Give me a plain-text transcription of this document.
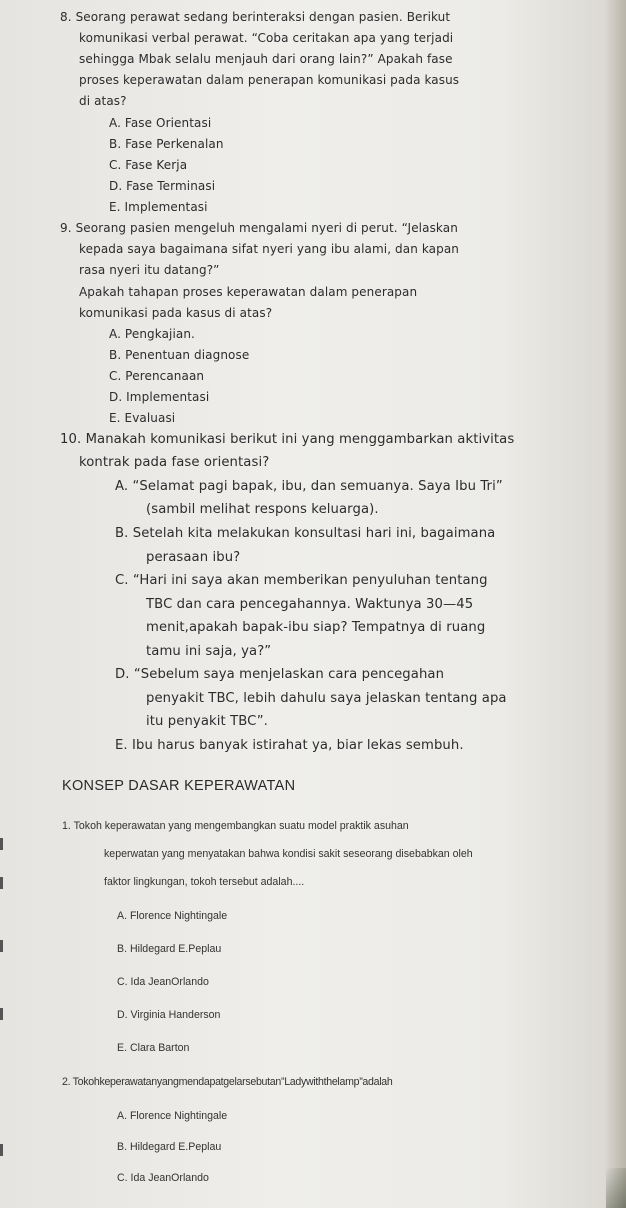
8. Seorang perawat sedang berinteraksi dengan pasien. Berikut
komunikasi verbal perawat. “Coba ceritakan apa yang terjadi
sehingga Mbak selalu menjauh dari orang lain?” Apakah fase
proses keperawatan dalam penerapan komunikasi pada kasus
di atas?
A. Fase Orientasi
B. Fase Perkenalan
C. Fase Kerja
D. Fase Terminasi
E. Implementasi
9. Seorang pasien mengeluh mengalami nyeri di perut. “Jelaskan
kepada saya bagaimana sifat nyeri yang ibu alami, dan kapan
rasa nyeri itu datang?”
Apakah tahapan proses keperawatan dalam penerapan
komunikasi pada kasus di atas?
A. Pengkajian.
B. Penentuan diagnose
C. Perencanaan
D. Implementasi
E. Evaluasi
10. Manakah komunikasi berikut ini yang menggambarkan aktivitas
kontrak pada fase orientasi?
A. “Selamat pagi bapak, ibu, dan semuanya. Saya Ibu Tri”
(sambil melihat respons keluarga).
B. Setelah kita melakukan konsultasi hari ini, bagaimana
perasaan ibu?
C. “Hari ini saya akan memberikan penyuluhan tentang
TBC dan cara pencegahannya. Waktunya 30—45
menit,apakah bapak-ibu siap? Tempatnya di ruang
tamu ini saja, ya?”
D. “Sebelum saya menjelaskan cara pencegahan
penyakit TBC, lebih dahulu saya jelaskan tentang apa
itu penyakit TBC”.
E. Ibu harus banyak istirahat ya, biar lekas sembuh.
KONSEP DASAR KEPERAWATAN
1. Tokoh keperawatan yang mengembangkan suatu model praktik asuhan
keperwatan yang menyatakan bahwa kondisi sakit seseorang disebabkan oleh
faktor lingkungan, tokoh tersebut adalah....
A. Florence Nightingale
B. Hildegard E.Peplau
C. Ida JeanOrlando
D. Virginia Handerson
E. Clara Barton
2. Tokohkeperawatanyangmendapatgelarsebutan”Ladywiththelamp”adalah
A. Florence Nightingale
B. Hildegard E.Peplau
C. Ida JeanOrlando
